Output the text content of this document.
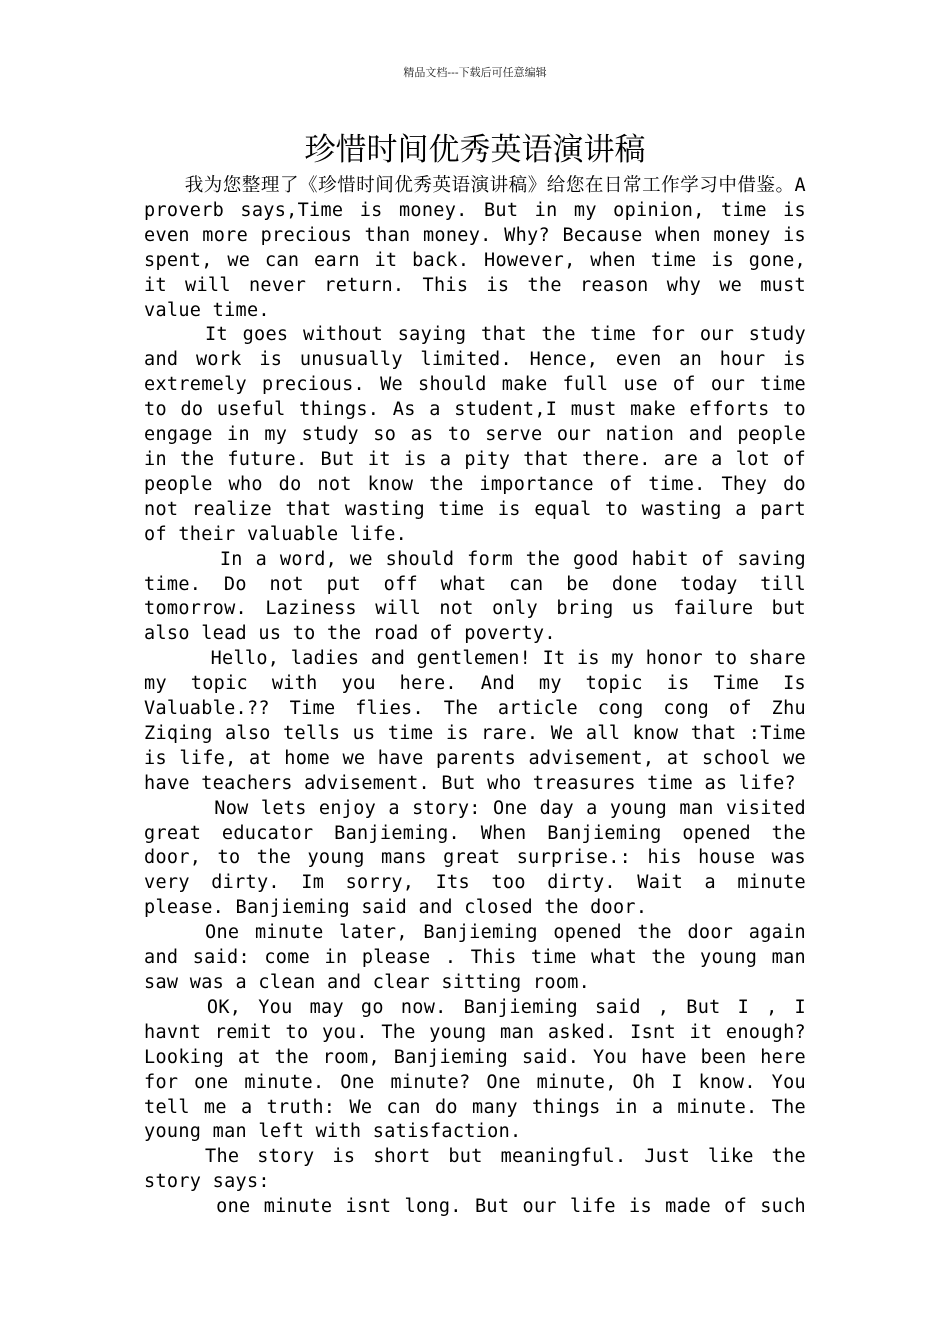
精品文档---下载后可任意编辑
珍惜时间优秀英语演讲稿

我为您整理了《珍惜时间优秀英语演讲稿》给您在日常工作学习中借鉴。A proverb says,Time is money. But in my opinion, time is even more precious than money. Why? Because when money is spent, we can earn it back. However, when time is gone, it will never return. This is the reason why we must value time.

It goes without saying that the time for our study and work is unusually limited. Hence, even an hour is extremely precious. We should make full use of our time to do useful things. As a student,I must make efforts to engage in my study so as to serve our nation and people in the future. But it is a pity that there. are a lot of people who do not know the importance of time. They do not realize that wasting time is equal to wasting a part of their valuable life.

In a word, we should form the good habit of saving time. Do not put off what can be done today till tomorrow. Laziness will not only bring us failure but also lead us to the road of poverty.

Hello, ladies and gentlemen! It is my honor to share my topic with you here. And my topic is Time Is Valuable.?? Time flies. The article cong cong of Zhu Ziqing also tells us time is rare. We all know that :Time is life, at home we have parents advisement, at school we have teachers advisement. But who treasures time as life?

Now lets enjoy a story: One day a young man visited great educator Banjieming. When Banjieming opened the door, to the young mans great surprise.: his house was very dirty. Im sorry, Its too dirty. Wait a minute please. Banjieming said and closed the door.

One minute later, Banjieming opened the door again and said: come in please . This time what the young man saw was a clean and clear sitting room.

OK, You may go now. Banjieming said , But I , I havnt remit to you. The young man asked. Isnt it enough? Looking at the room, Banjieming said. You have been here for one minute. One minute? One minute, Oh I know. You tell me a truth: We can do many things in a minute. The young man left with satisfaction.

The story is short but meaningful. Just like the story says:

one minute isnt long. But our life is made of such
